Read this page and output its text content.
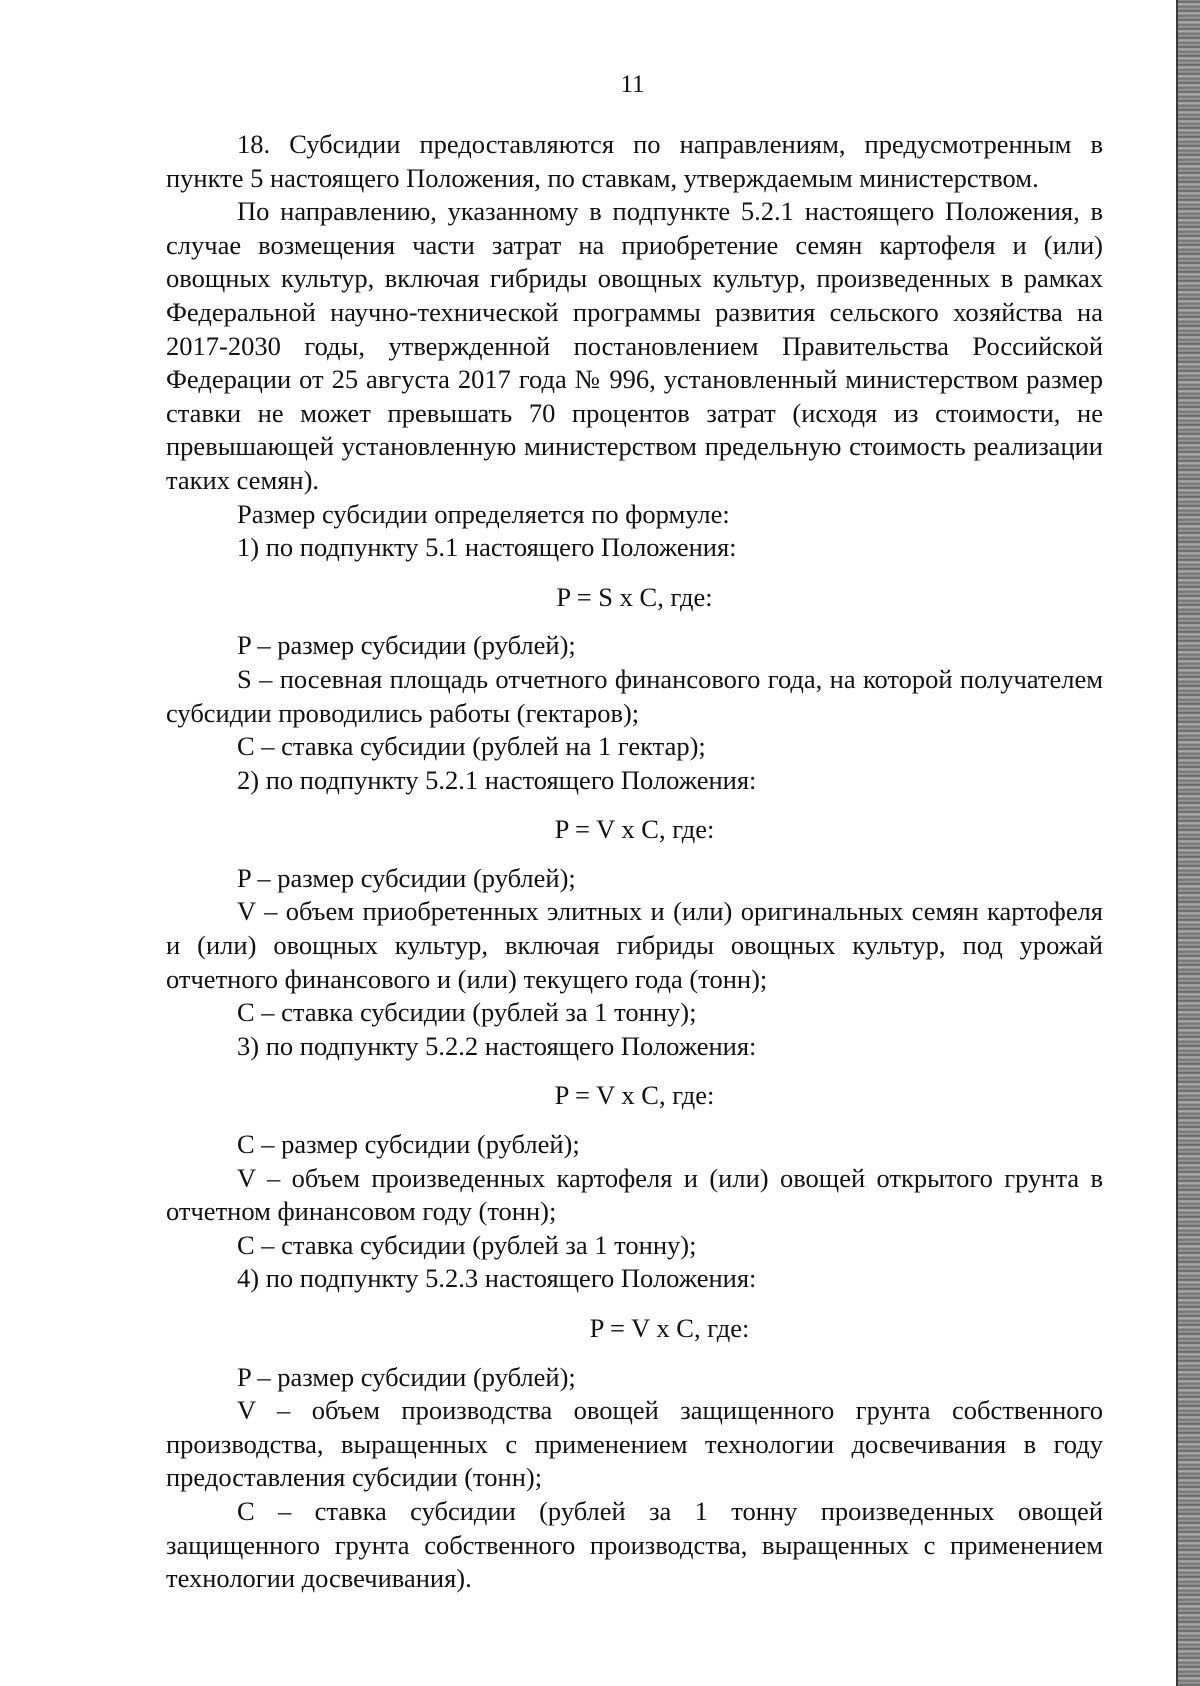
11

18. Субсидии предоставляются по направлениям, предусмотренным в пункте 5 настоящего Положения, по ставкам, утверждаемым министерством.

По направлению, указанному в подпункте 5.2.1 настоящего Положения, в случае возмещения части затрат на приобретение семян картофеля и (или) овощных культур, включая гибриды овощных культур, произведенных в рамках Федеральной научно-технической программы развития сельского хозяйства на 2017-2030 годы, утвержденной постановлением Правительства Российской Федерации от 25 августа 2017 года № 996, установленный министерством размер ставки не может превышать 70 процентов затрат (исходя из стоимости, не превышающей установленную министерством предельную стоимость реализации таких семян).

Размер субсидии определяется по формуле:

1) по подпункту 5.1 настоящего Положения:

P = S x C, где:

P – размер субсидии (рублей);

S – посевная площадь отчетного финансового года, на которой получателем субсидии проводились работы (гектаров);

C – ставка субсидии (рублей на 1 гектар);

2) по подпункту 5.2.1 настоящего Положения:

P = V x C, где:

P – размер субсидии (рублей);

V – объем приобретенных элитных и (или) оригинальных семян картофеля и (или) овощных культур, включая гибриды овощных культур, под урожай отчетного финансового и (или) текущего года (тонн);

C – ставка субсидии (рублей за 1 тонну);

3) по подпункту 5.2.2 настоящего Положения:

P = V x C, где:

C – размер субсидии (рублей);

V – объем произведенных картофеля и (или) овощей открытого грунта в отчетном финансовом году (тонн);

C – ставка субсидии (рублей за 1 тонну);

4) по подпункту 5.2.3 настоящего Положения:

P = V x C, где:

P – размер субсидии (рублей);

V – объем производства овощей защищенного грунта собственного производства, выращенных с применением технологии досвечивания в году предоставления субсидии (тонн);

C – ставка субсидии (рублей за 1 тонну произведенных овощей защищенного грунта собственного производства, выращенных с применением технологии досвечивания).
